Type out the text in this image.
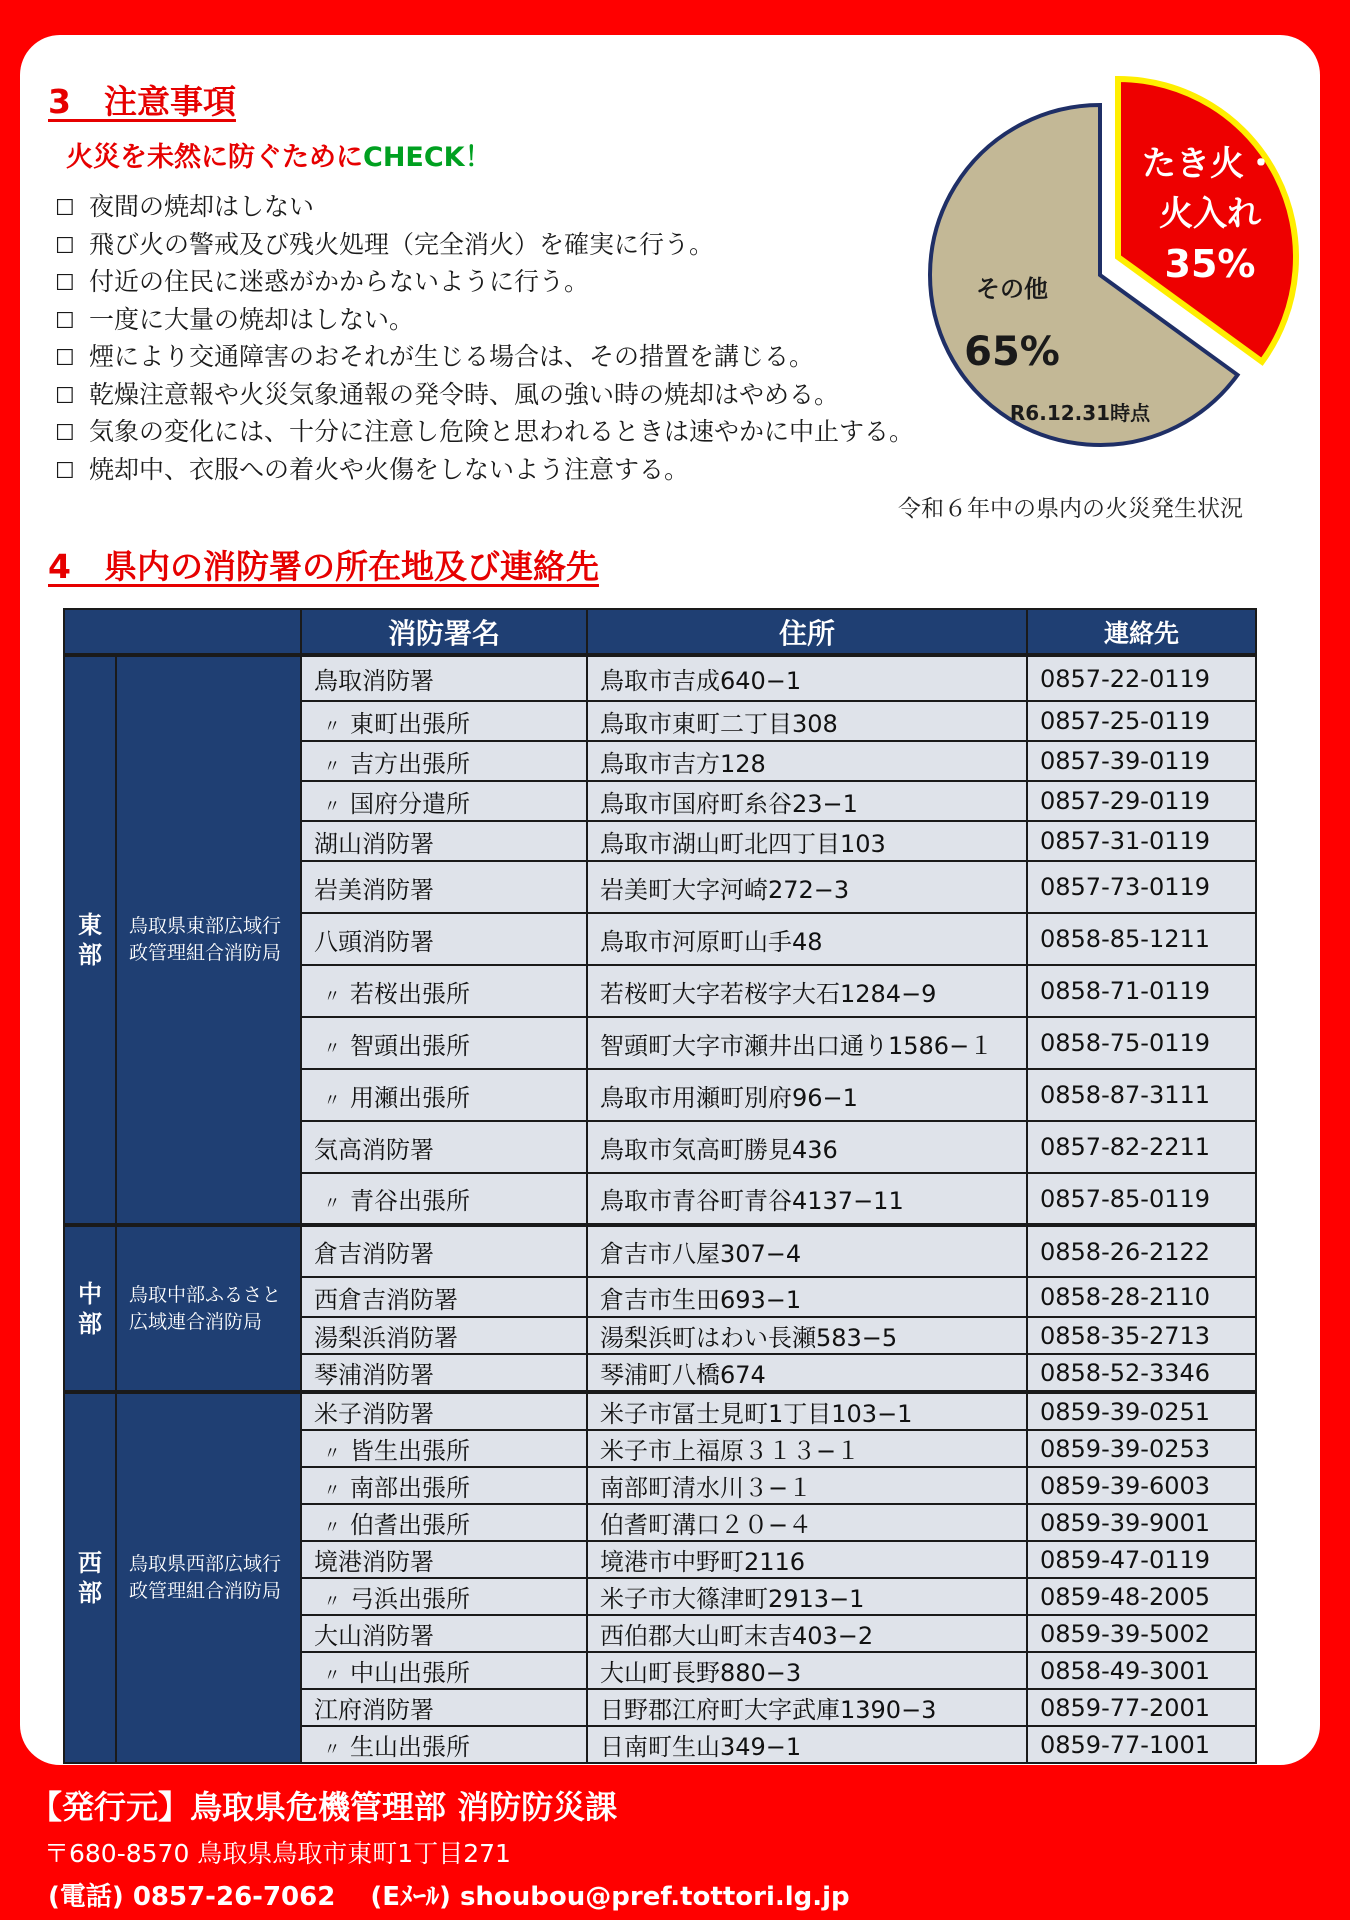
3　注意事項
火災を未然に防ぐためにCHECK！
☐ 夜間の焼却はしない
☐ 飛び火の警戒及び残火処理（完全消火）を確実に行う。
☐ 付近の住民に迷惑がかからないように行う。
☐ 一度に大量の焼却はしない。
☐ 煙により交通障害のおそれが生じる場合は、その措置を講じる。
☐ 乾燥注意報や火災気象通報の発令時、風の強い時の焼却はやめる。
☐ 気象の変化には、十分に注意し危険と思われるときは速やかに中止する。
☐ 焼却中、衣服への着火や火傷をしないよう注意する。
たき火・
火入れ
35%
その他
65%
R6.12.31時点
令和６年中の県内の火災発生状況
4　県内の消防署の所在地及び連絡先
		消防署名	住所	連絡先
東
部	鳥取県東部広域行政管理組合消防局	鳥取消防署	鳥取市吉成640−1	0857-22-0119
		〃 東町出張所	鳥取市東町二丁目308	0857-25-0119
		〃 吉方出張所	鳥取市吉方128	0857-39-0119
		〃 国府分遣所	鳥取市国府町糸谷23−1	0857-29-0119
		湖山消防署	鳥取市湖山町北四丁目103	0857-31-0119
		岩美消防署	岩美町大字河崎272−3	0857-73-0119
		八頭消防署	鳥取市河原町山手48	0858-85-1211
		〃 若桜出張所	若桜町大字若桜字大石1284−9	0858-71-0119
		〃 智頭出張所	智頭町大字市瀬井出口通り1586−１	0858-75-0119
		〃 用瀬出張所	鳥取市用瀬町別府96−1	0858-87-3111
		気高消防署	鳥取市気高町勝見436	0857-82-2211
		〃 青谷出張所	鳥取市青谷町青谷4137−11	0857-85-0119
中
部	鳥取中部ふるさと広域連合消防局	倉吉消防署	倉吉市八屋307−4	0858-26-2122
		西倉吉消防署	倉吉市生田693−1	0858-28-2110
		湯梨浜消防署	湯梨浜町はわい長瀬583−5	0858-35-2713
		琴浦消防署	琴浦町八橋674	0858-52-3346
西
部	鳥取県西部広域行政管理組合消防局	米子消防署	米子市冨士見町1丁目103−1	0859-39-0251
		〃 皆生出張所	米子市上福原３１３−１	0859-39-0253
		〃 南部出張所	南部町清水川３−１	0859-39-6003
		〃 伯耆出張所	伯耆町溝口２０−４	0859-39-9001
		境港消防署	境港市中野町2116	0859-47-0119
		〃 弓浜出張所	米子市大篠津町2913−1	0859-48-2005
		大山消防署	西伯郡大山町末吉403−2	0859-39-5002
		〃 中山出張所	大山町長野880−3	0858-49-3001
		江府消防署	日野郡江府町大字武庫1390−3	0859-77-2001
		〃 生山出張所	日南町生山349−1	0859-77-1001
【発行元】鳥取県危機管理部 消防防災課
〒680-8570 鳥取県鳥取市東町1丁目271
(電話) 0857-26-7062　 (Eﾒｰﾙ) shoubou@pref.tottori.lg.jp
